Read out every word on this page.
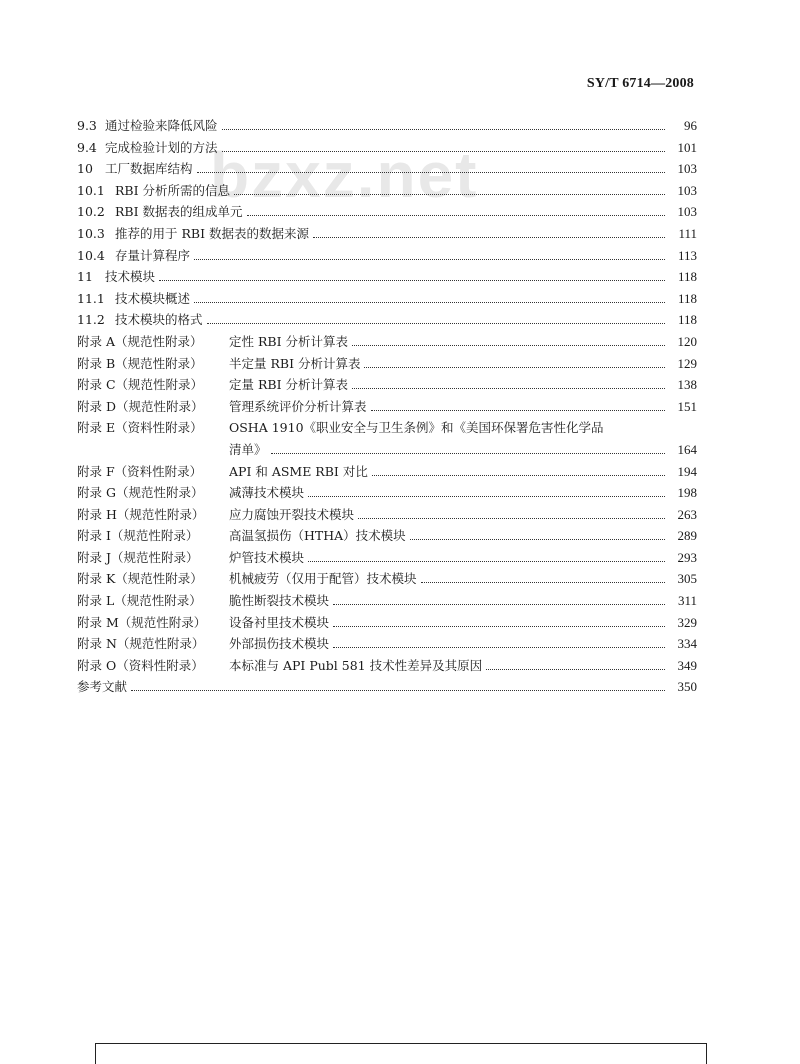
SY/T 6714—2008
bzxz.net
9.3 通过检验来降低风险	96
9.4 完成检验计划的方法	101
10 工厂数据库结构	103
10.1 RBI 分析所需的信息	103
10.2 RBI 数据表的组成单元	103
10.3 推荐的用于 RBI 数据表的数据来源	111
10.4 存量计算程序	113
11 技术模块	118
11.1 技术模块概述	118
11.2 技术模块的格式	118
附录 A（规范性附录）	定性 RBI 分析计算表	120
附录 B（规范性附录）	半定量 RBI 分析计算表	129
附录 C（规范性附录）	定量 RBI 分析计算表	138
附录 D（规范性附录）	管理系统评价分析计算表	151
附录 E（资料性附录）	OSHA 1910《职业安全与卫生条例》和《美国环保署危害性化学品
清单》	164
附录 F（资料性附录）	API 和 ASME RBI 对比	194
附录 G（规范性附录）	减薄技术模块	198
附录 H（规范性附录）	应力腐蚀开裂技术模块	263
附录 I（规范性附录）	高温氢损伤（HTHA）技术模块	289
附录 J（规范性附录）	炉管技术模块	293
附录 K（规范性附录）	机械疲劳（仅用于配管）技术模块	305
附录 L（规范性附录）	脆性断裂技术模块	311
附录 M（规范性附录）	设备衬里技术模块	329
附录 N（规范性附录）	外部损伤技术模块	334
附录 O（资料性附录）	本标准与 API Publ 581 技术性差异及其原因	349
参考文献	350
